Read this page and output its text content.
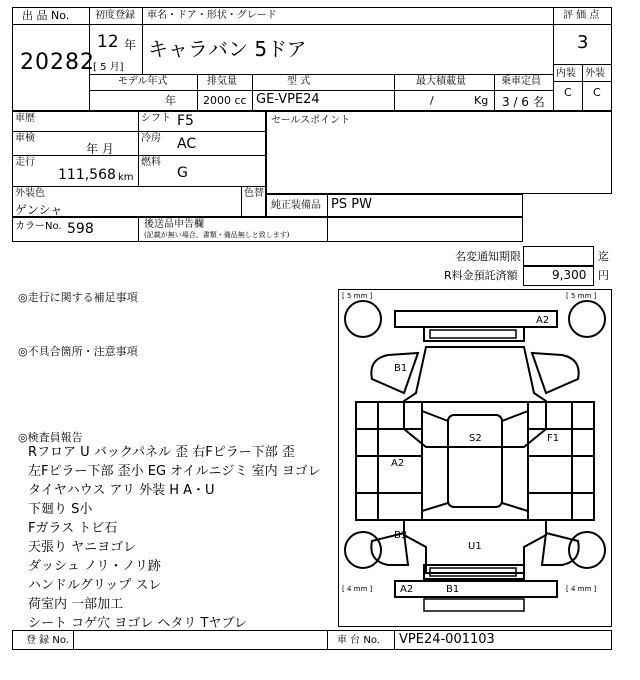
出 品 No.
20282
初度登録
12 年
[ 5 月]
車名・ドア・形状・グレード
キャラバン 5ドア
評 価 点
3
内装 外装
C C
モデル年式
年
排気量
2000 cc
型 式
GE-VPE24
最大積載量
/	Kg
乗車定員
3 / 6 名
車歴
車検
年 月
走行
111,568 km
シフト F5
冷房 AC
燃料
G
外装色
ゲンシャ
色替
セールスポイント
純正装備品 PS PW
カラーNo. 598	後送品申告欄
(記載が無い場合、書類・備品無しと致します)
名変通知期限	迄
R料金預託済額	9,300 円
◎走行に関する補足事項
◎不具合箇所・注意事項
◎検査員報告
Rフロア U バックパネル 歪 右Fピラー下部 歪
左Fピラー下部 歪小 EG オイルニジミ 室内 ヨゴレ
タイヤハウス アリ 外装 H A・U
下廻り S小
Fガラス トビ石
天張り ヤニヨゴレ
ダッシュ ノリ・ノリ跡
ハンドルグリップ スレ
荷室内 一部加工
シート コゲ穴 ヨゴレ ヘタリ Tヤブレ
[ 5 mm ]	[ 5 mm ]
[ 4 mm ]	[ 4 mm ]
A2
B1
S2	F1
A2
B3
U1
A2	B1
登 録 No.	車 台 No. VPE24-001103
